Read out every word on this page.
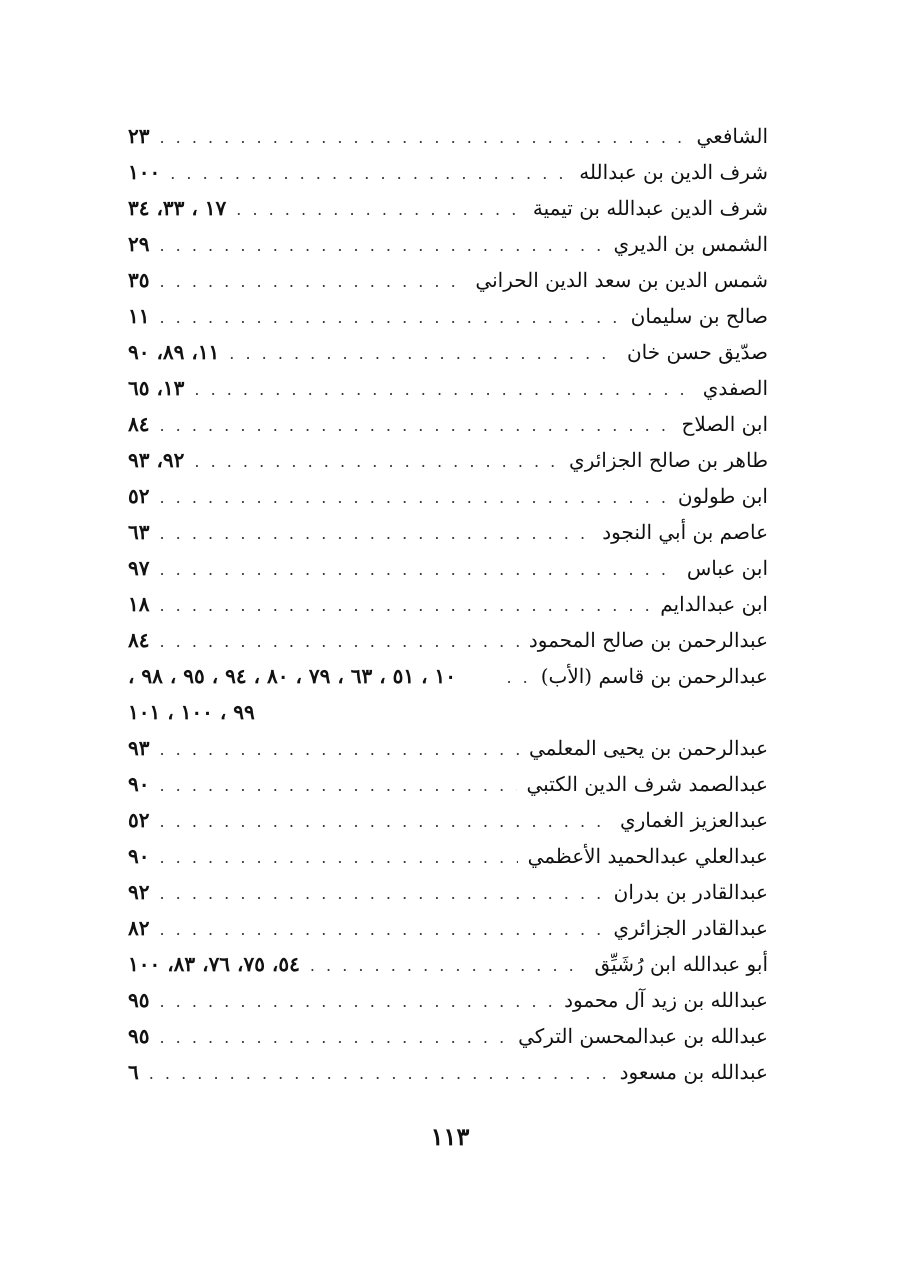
الشافعي
. . .
٢٣
شرف الدين بن عبدالله
. . .
١٠٠
شرف الدين عبدالله بن تيمية
. . .
١٧ ، ٣٣، ٣٤
الشمس بن الديري
. . .
٢٩
شمس الدين بن سعد الدين الحراني
. . .
٣٥
صالح بن سليمان
. . .
١١
صدّيق حسن خان
. . .
١١، ٨٩، ٩٠
الصفدي
. . .
١٣، ٦٥
ابن الصلاح
. . .
٨٤
طاهر بن صالح الجزائري
. . .
٩٢، ٩٣
ابن طولون
. . .
٥٢
عاصم بن أبي النجود
. . .
٦٣
ابن عباس
. . .
٩٧
ابن عبدالدايم
. . .
١٨
عبدالرحمن بن صالح المحمود
. . .
٨٤
عبدالرحمن بن قاسم (الأب)
. .
١٠ ، ٥١ ، ٦٣ ، ٧٩ ، ٨٠ ، ٩٤ ، ٩٥ ، ٩٨ ،
٩٩ ، ١٠٠ ، ١٠١
عبدالرحمن بن يحيى المعلمي
. . .
٩٣
عبدالصمد شرف الدين الكتبي
. . .
٩٠
عبدالعزيز الغماري
. . .
٥٢
عبدالعلي عبدالحميد الأعظمي
. . .
٩٠
عبدالقادر بن بدران
. . .
٩٢
عبدالقادر الجزائري
. . .
٨٢
أبو عبدالله ابن رُشَيِّق
. . .
٥٤، ٧٥، ٧٦، ٨٣، ١٠٠
عبدالله بن زيد آل محمود
. . .
٩٥
عبدالله بن عبدالمحسن التركي
. . .
٩٥
عبدالله بن مسعود
. . .
٦
١١٣
